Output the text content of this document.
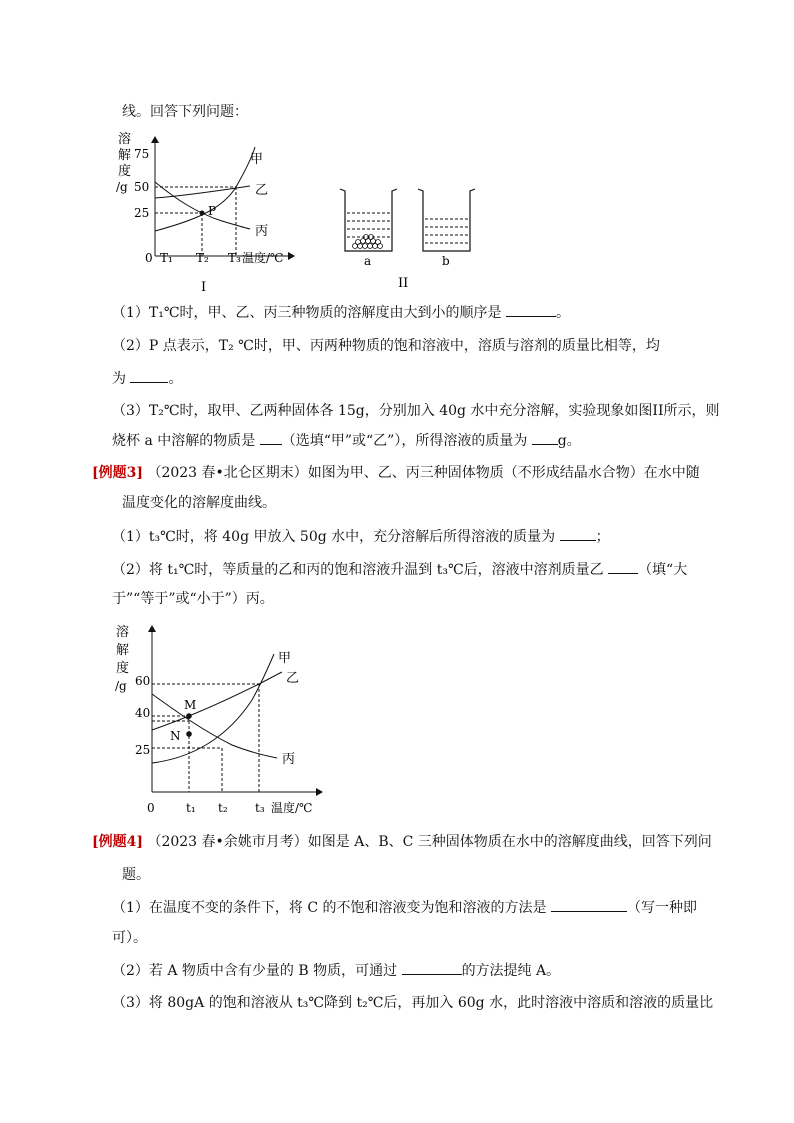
线。回答下列问题：
溶
解
度
/g
75
50
25
0 T₁ T₂ T₃ 温度/℃
P
甲
乙
丙
I
a	b
II
（1）T₁℃时，甲、乙、丙三种物质的溶解度由大到小的顺序是	。
（2）P 点表示，T₂ ℃时，甲、丙两种物质的饱和溶液中，溶质与溶剂的质量比相等，均
为	。
（3）T₂℃时，取甲、乙两种固体各 15g，分别加入 40g 水中充分溶解，实验现象如图II所示，则
烧杯 a 中溶解的物质是 （选填“甲”或“乙”），所得溶液的质量为 g。
[例题3] （2023 春•北仑区期末）如图为甲、乙、丙三种固体物质（不形成结晶水合物）在水中随
温度变化的溶解度曲线。
（1）t₃℃时，将 40g 甲放入 50g 水中，充分溶解后所得溶液的质量为	；
（2）将 t₁℃时，等质量的乙和丙的饱和溶液升温到 t₃℃后，溶液中溶剂质量乙 （填“大
于”“等于”或“小于”）丙。
溶
解
度
/g 60
40
25
0	t₁ t₂ t₃ 温度/℃
M
N
甲
乙
丙
[例题4] （2023 春•余姚市月考）如图是 A、B、C 三种固体物质在水中的溶解度曲线，回答下列问
题。
（1）在温度不变的条件下，将 C 的不饱和溶液变为饱和溶液的方法是	（写一种即
可）。
（2）若 A 物质中含有少量的 B 物质，可通过	的方法提纯 A。
（3）将 80gA 的饱和溶液从 t₃℃降到 t₂℃后，再加入 60g 水，此时溶液中溶质和溶液的质量比
